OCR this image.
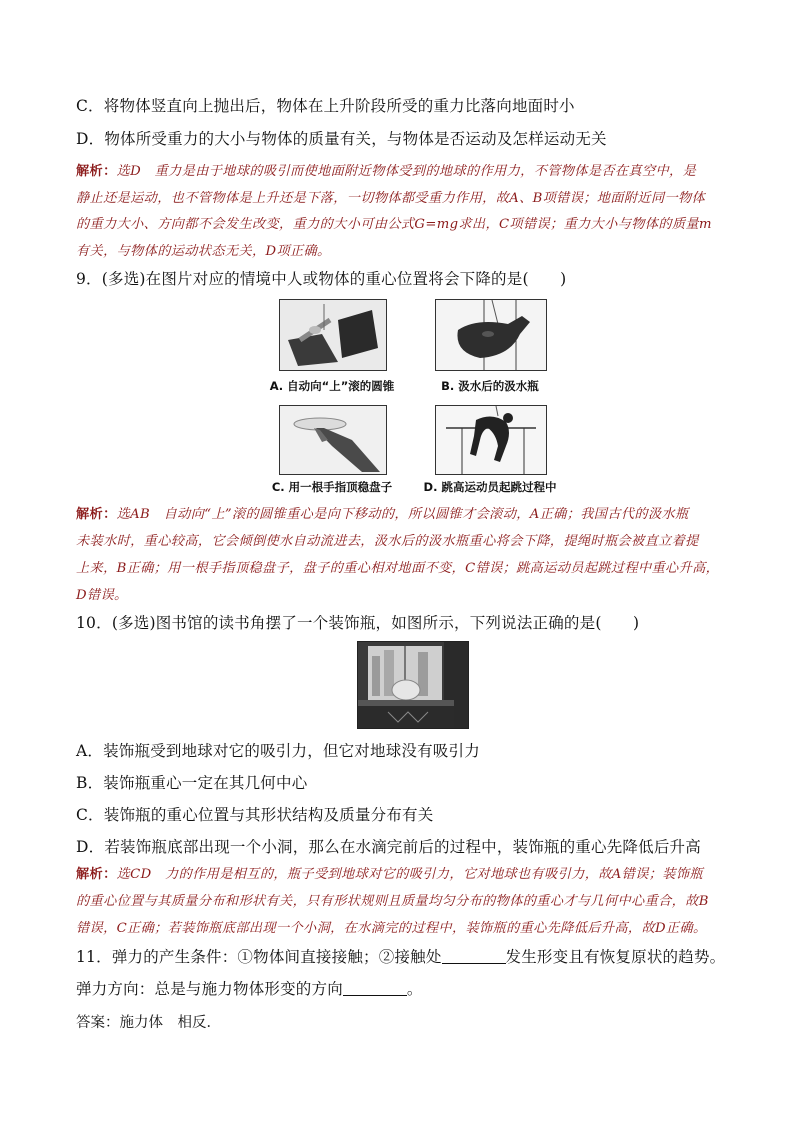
C．将物体竖直向上抛出后，物体在上升阶段所受的重力比落向地面时小
D．物体所受重力的大小与物体的质量有关，与物体是否运动及怎样运动无关
解析：选D　重力是由于地球的吸引而使地面附近物体受到的地球的作用力，不管物体是否在真空中，是
静止还是运动，也不管物体是上升还是下落，一切物体都受重力作用，故A、B项错误；地面附近同一物体
的重力大小、方向都不会发生改变，重力的大小可由公式G=mg求出，C项错误；重力大小与物体的质量m
有关，与物体的运动状态无关，D项正确。
9．(多选)在图片对应的情境中人或物体的重心位置将会下降的是(　　)
A. 自动向“上”滚的圆锥	B. 汲水后的汲水瓶
C. 用一根手指顶稳盘子	D. 跳高运动员起跳过程中
解析：选AB　自动向“上”滚的圆锥重心是向下移动的，所以圆锥才会滚动，A正确；我国古代的汲水瓶
未装水时，重心较高，它会倾倒使水自动流进去，汲水后的汲水瓶重心将会下降，提绳时瓶会被直立着提
上来，B正确；用一根手指顶稳盘子，盘子的重心相对地面不变，C错误；跳高运动员起跳过程中重心升高，
D错误。
10．(多选)图书馆的读书角摆了一个装饰瓶，如图所示，下列说法正确的是(　　)
A．装饰瓶受到地球对它的吸引力，但它对地球没有吸引力
B．装饰瓶重心一定在其几何中心
C．装饰瓶的重心位置与其形状结构及质量分布有关
D．若装饰瓶底部出现一个小洞，那么在水滴完前后的过程中，装饰瓶的重心先降低后升高
解析：选CD　力的作用是相互的，瓶子受到地球对它的吸引力，它对地球也有吸引力，故A错误；装饰瓶
的重心位置与其质量分布和形状有关，只有形状规则且质量均匀分布的物体的重心才与几何中心重合，故B
错误，C正确；若装饰瓶底部出现一个小洞，在水滴完的过程中，装饰瓶的重心先降低后升高，故D正确。
11．弹力的产生条件：①物体间直接接触；②接触处	发生形变且有恢复原状的趋势。
弹力方向：总是与施力物体形变的方向	。
答案：施力体　相反．
